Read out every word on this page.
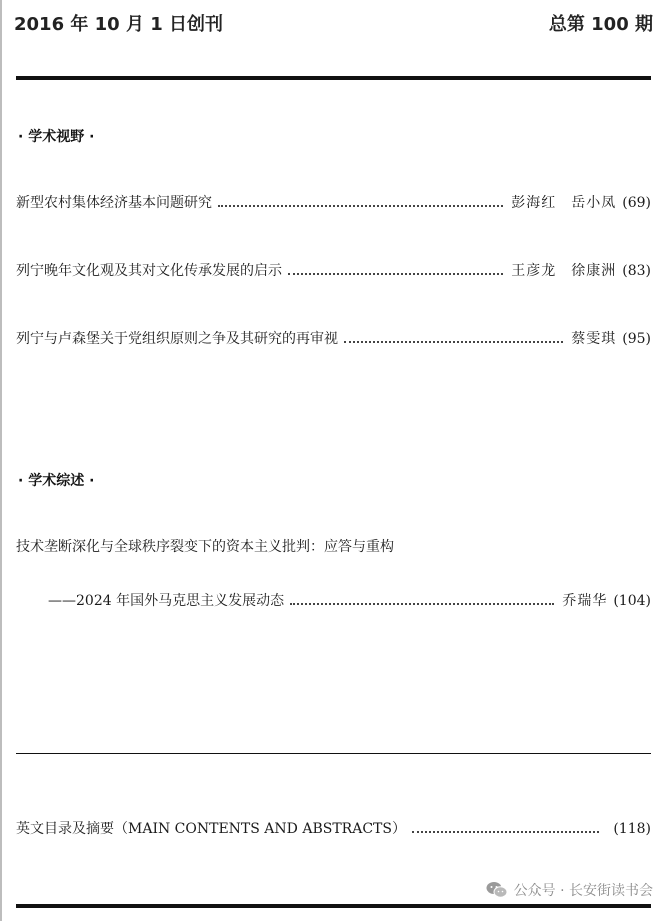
2016 年 10 月 1 日创刊	总第 100 期
· 学术视野 ·
新型农村集体经济基本问题研究	彭海红　岳小凤 (69)
列宁晚年文化观及其对文化传承发展的启示	王彦龙　徐康洲 (83)
列宁与卢森堡关于党组织原则之争及其研究的再审视	蔡雯琪 (95)
· 学术综述 ·
技术垄断深化与全球秩序裂变下的资本主义批判：应答与重构
——2024 年国外马克思主义发展动态	乔瑞华 (104)
英文目录及摘要（MAIN CONTENTS AND ABSTRACTS）	(118)
公众号 · 长安街读书会
